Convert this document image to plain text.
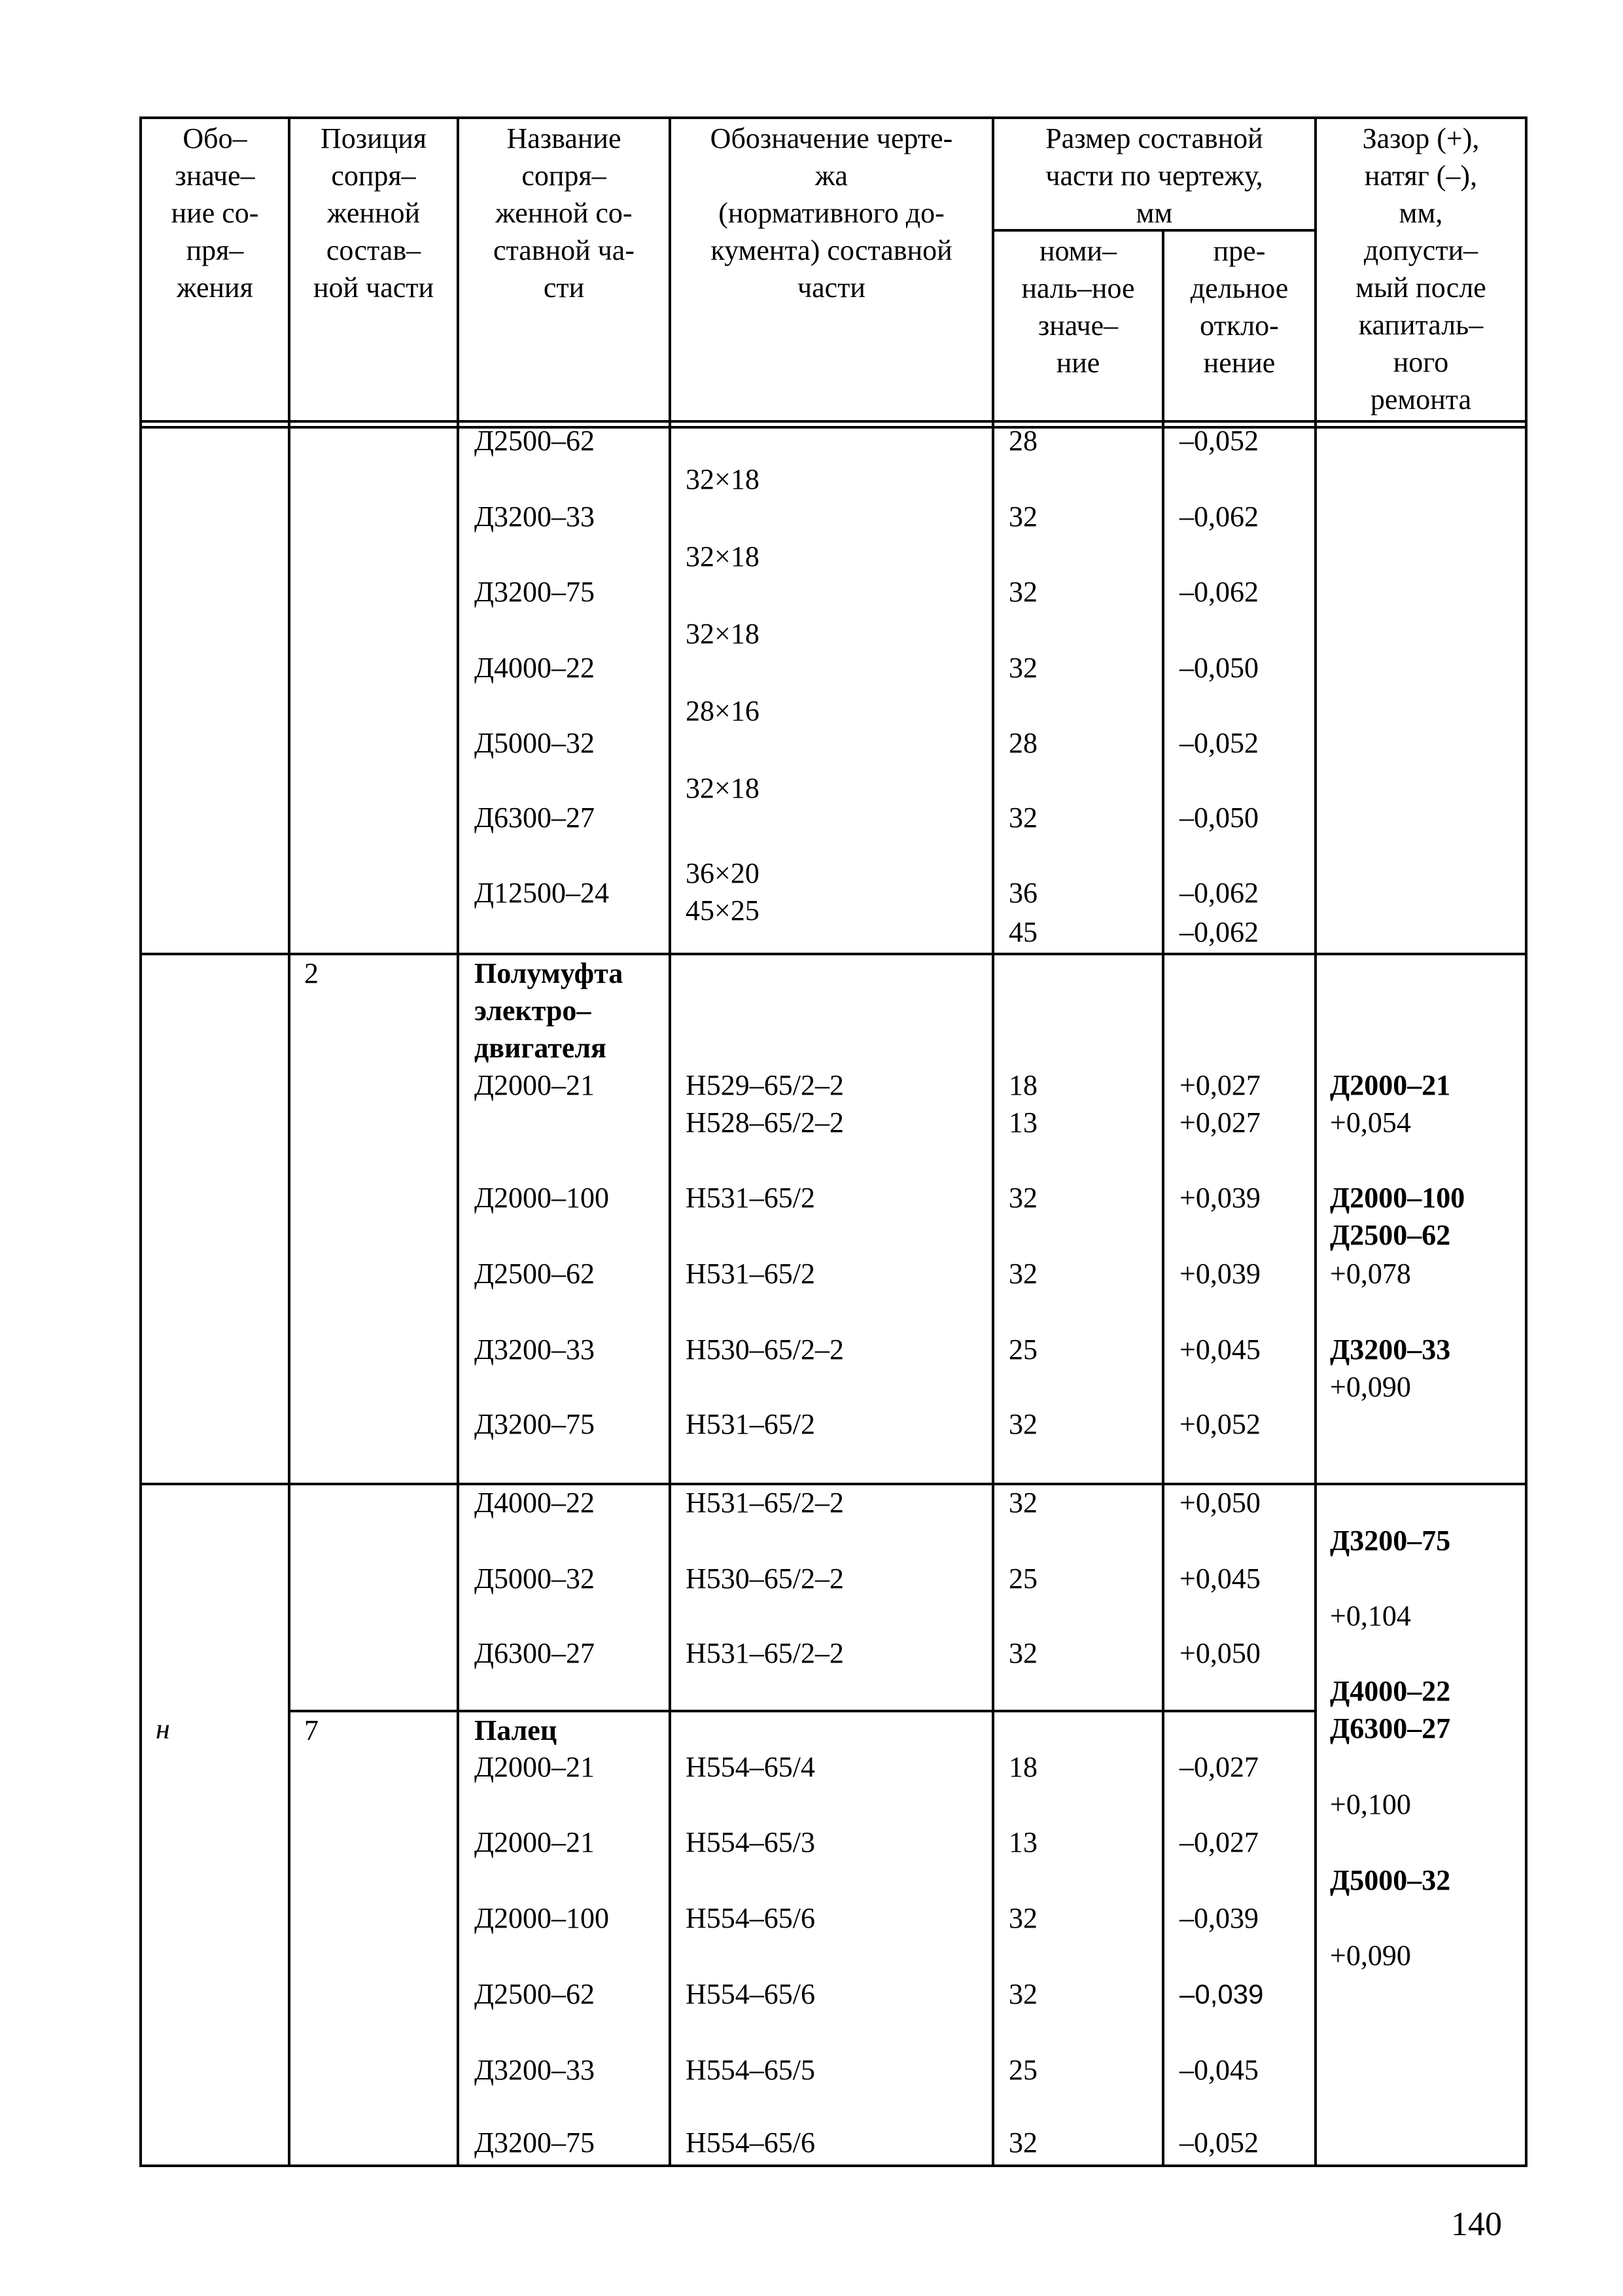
Обо–
значе–
ние со-
пря–
жения
Позиция
сопря–
женной
состав–
ной части
Название
сопря–
женной со-
ставной ча-
сти
Обозначение черте-
жа
(нормативного до-
кумента) составной
части
Размер составной
части по чертежу,
мм
номи–
наль–ное
значе–
ние
пре-
дельное
откло-
нение
Зазор (+),
натяг (–),
мм,
допусти–
мый после
капиталь–
ного
ремонта
Д2500–62
Д3200–33
Д3200–75
Д4000–22
Д5000–32
Д6300–27
Д12500–24
32×18
32×18
32×18
28×16
32×18
36×20
45×25
28
32
32
32
28
32
36
45
–0,052
–0,062
–0,062
–0,050
–0,052
–0,050
–0,062
–0,062
2	Полумуфта
электро–
двигателя
Д2000–21
Д2000–100
Д2500–62
Д3200–33
Д3200–75
Н529–65/2–2
Н528–65/2–2
Н531–65/2
Н531–65/2
Н530–65/2–2
Н531–65/2
18
13
32
32
25
32
+0,027
+0,027
+0,039
+0,039
+0,045
+0,052
Д2000–21
+0,054
Д2000–100
Д2500–62
+0,078
Д3200–33
+0,090
н
Д4000–22
Д5000–32
Д6300–27
Н531–65/2–2
Н530–65/2–2
Н531–65/2–2
32
25
32
+0,050
+0,045
+0,050
Д3200–75
+0,104
Д4000–22
Д6300–27
+0,100
Д5000–32
+0,090
7	Палец
Д2000–21
Д2000–21
Д2000–100
Д2500–62
Д3200–33
Д3200–75
Н554–65/4
Н554–65/3
Н554–65/6
Н554–65/6
Н554–65/5
Н554–65/6
18
13
32
32
25
32
–0,027
–0,027
–0,039
–0,039
–0,045
–0,052
140
